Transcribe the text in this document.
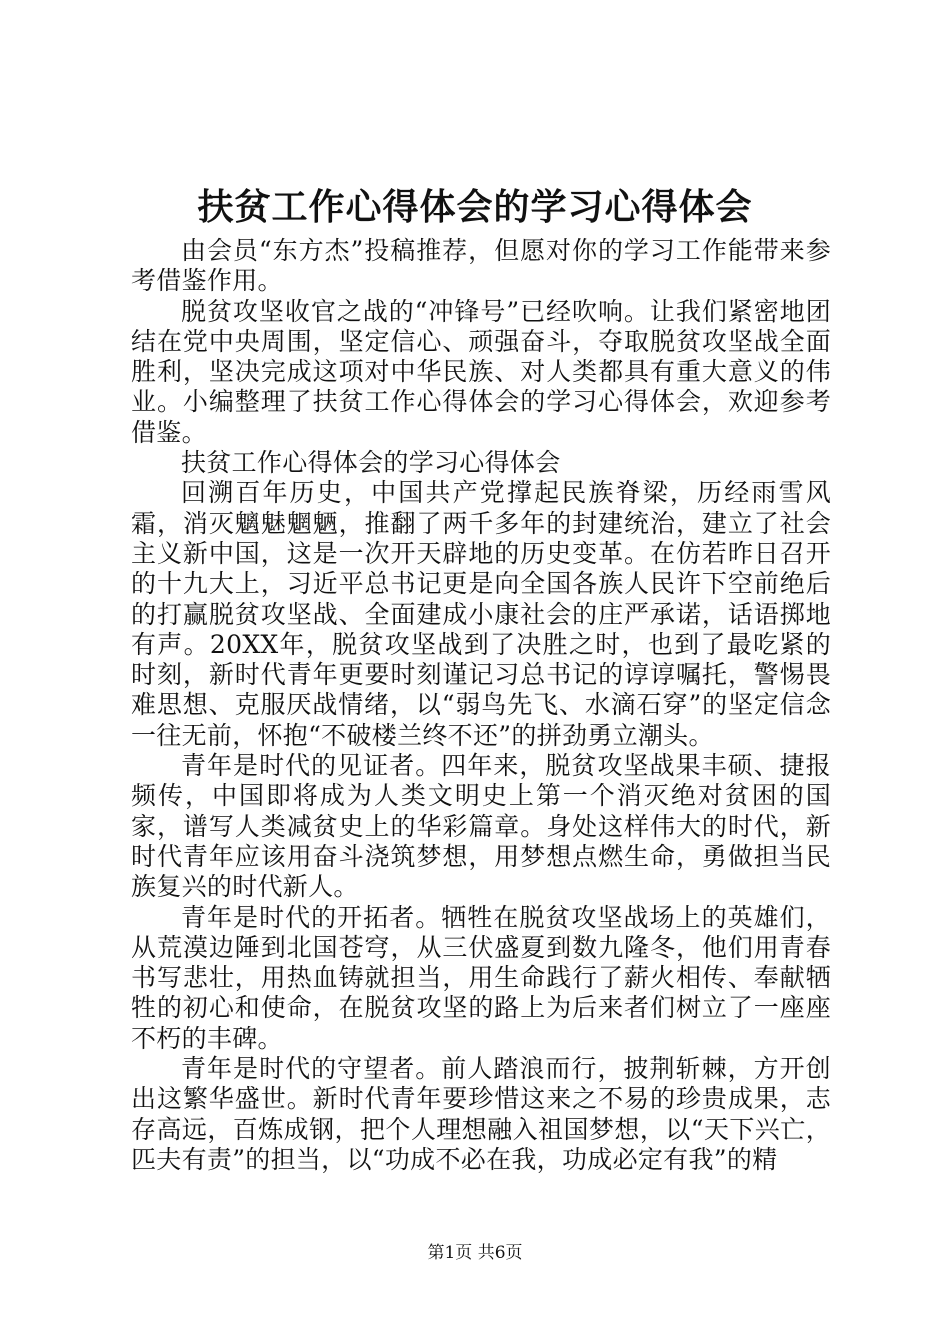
扶贫工作心得体会的学习心得体会

由会员“东方杰”投稿推荐，但愿对你的学习工作能带来参考借鉴作用。

脱贫攻坚收官之战的“冲锋号”已经吹响。让我们紧密地团结在党中央周围，坚定信心、顽强奋斗，夺取脱贫攻坚战全面胜利，坚决完成这项对中华民族、对人类都具有重大意义的伟业。小编整理了扶贫工作心得体会的学习心得体会，欢迎参考借鉴。

扶贫工作心得体会的学习心得体会

回溯百年历史，中国共产党撑起民族脊梁，历经雨雪风霜，消灭魑魅魍魉，推翻了两千多年的封建统治，建立了社会主义新中国，这是一次开天辟地的历史变革。在仿若昨日召开的十九大上，习近平总书记更是向全国各族人民许下空前绝后的打赢脱贫攻坚战、全面建成小康社会的庄严承诺，话语掷地有声。20XX年，脱贫攻坚战到了决胜之时，也到了最吃紧的时刻，新时代青年更要时刻谨记习总书记的谆谆嘱托，警惕畏难思想、克服厌战情绪，以“弱鸟先飞、水滴石穿”的坚定信念一往无前，怀抱“不破楼兰终不还”的拼劲勇立潮头。

青年是时代的见证者。四年来，脱贫攻坚战果丰硕、捷报频传，中国即将成为人类文明史上第一个消灭绝对贫困的国家，谱写人类减贫史上的华彩篇章。身处这样伟大的时代，新时代青年应该用奋斗浇筑梦想，用梦想点燃生命，勇做担当民族复兴的时代新人。

青年是时代的开拓者。牺牲在脱贫攻坚战场上的英雄们，从荒漠边陲到北国苍穹，从三伏盛夏到数九隆冬，他们用青春书写悲壮，用热血铸就担当，用生命践行了薪火相传、奉献牺牲的初心和使命，在脱贫攻坚的路上为后来者们树立了一座座不朽的丰碑。

青年是时代的守望者。前人踏浪而行，披荆斩棘，方开创出这繁华盛世。新时代青年要珍惜这来之不易的珍贵成果，志存高远，百炼成钢，把个人理想融入祖国梦想，以“天下兴亡，匹夫有责”的担当，以“功成不必在我，功成必定有我”的精

第1页 共6页
